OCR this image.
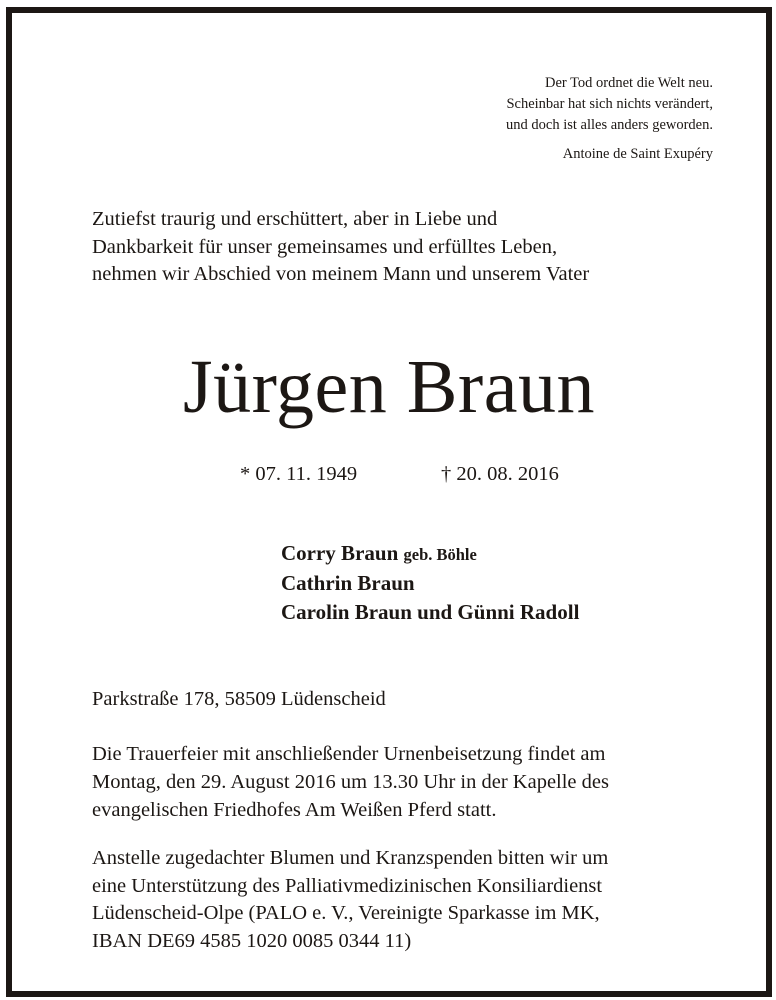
Der Tod ordnet die Welt neu.
Scheinbar hat sich nichts verändert,
und doch ist alles anders geworden.
Antoine de Saint Exupéry
Zutiefst traurig und erschüttert, aber in Liebe und
Dankbarkeit für unser gemeinsames und erfülltes Leben,
nehmen wir Abschied von meinem Mann und unserem Vater
Jürgen Braun
* 07. 11. 1949	† 20. 08. 2016
Corry Braun geb. Böhle
Cathrin Braun
Carolin Braun und Günni Radoll
Parkstraße 178, 58509 Lüdenscheid
Die Trauerfeier mit anschließender Urnenbeisetzung findet am
Montag, den 29. August 2016 um 13.30 Uhr in der Kapelle des
evangelischen Friedhofes Am Weißen Pferd statt.
Anstelle zugedachter Blumen und Kranzspenden bitten wir um
eine Unterstützung des Palliativmedizinischen Konsiliardienst
Lüdenscheid-Olpe (PALO e. V., Vereinigte Sparkasse im MK,
IBAN DE69 4585 1020 0085 0344 11)
